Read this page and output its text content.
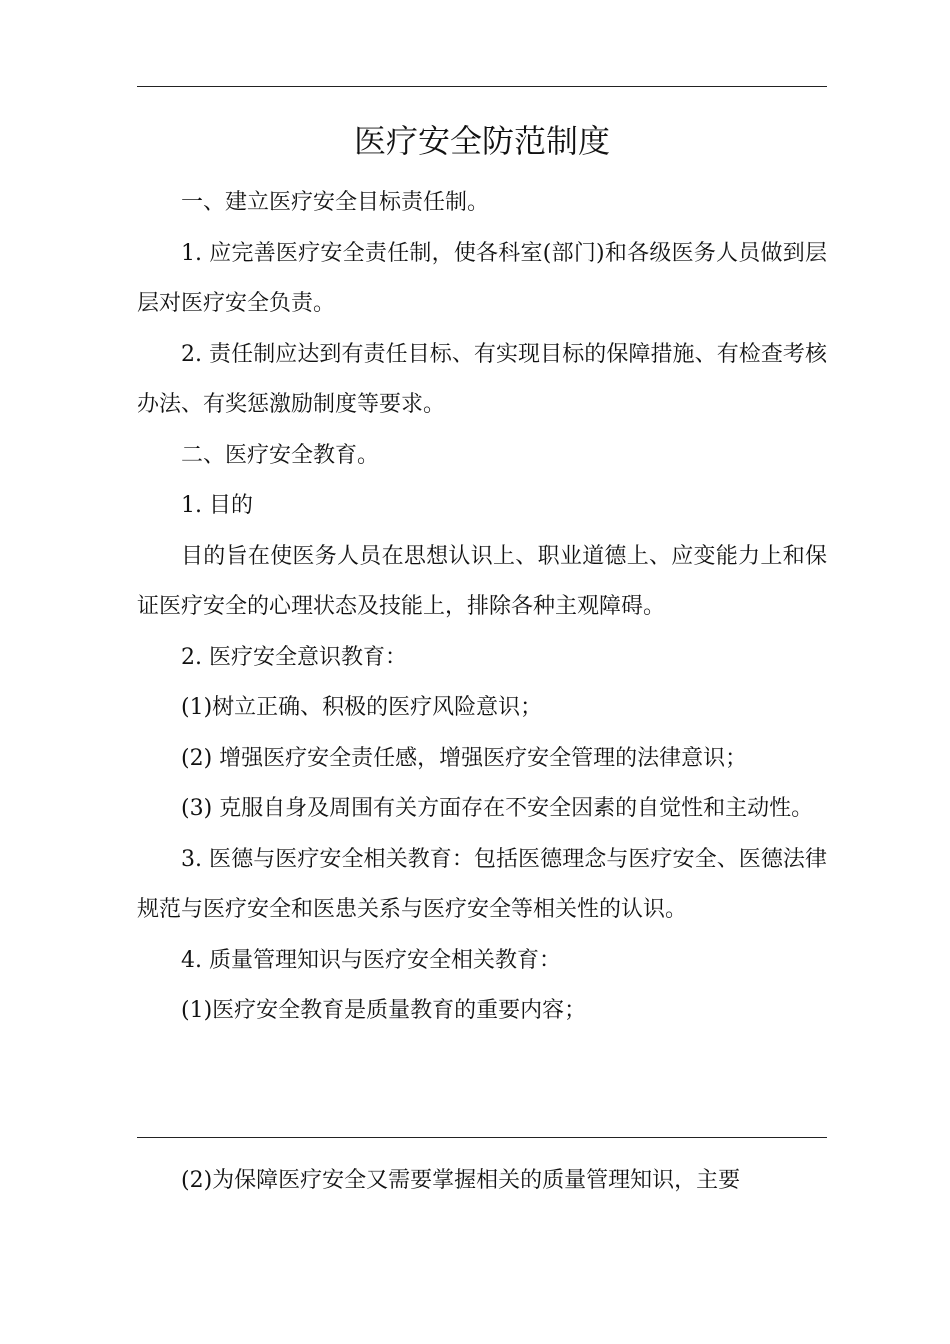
医疗安全防范制度

一、建立医疗安全目标责任制。

1. 应完善医疗安全责任制，使各科室(部门)和各级医务人员做到层层对医疗安全负责。

2. 责任制应达到有责任目标、有实现目标的保障措施、有检查考核办法、有奖惩激励制度等要求。

二、医疗安全教育。

1. 目的

目的旨在使医务人员在思想认识上、职业道德上、应变能力上和保证医疗安全的心理状态及技能上，排除各种主观障碍。

2. 医疗安全意识教育：

(1)树立正确、积极的医疗风险意识；

(2) 增强医疗安全责任感，增强医疗安全管理的法律意识；

(3) 克服自身及周围有关方面存在不安全因素的自觉性和主动性。

3. 医德与医疗安全相关教育：包括医德理念与医疗安全、医德法律规范与医疗安全和医患关系与医疗安全等相关性的认识。

4. 质量管理知识与医疗安全相关教育：

(1)医疗安全教育是质量教育的重要内容；

(2)为保障医疗安全又需要掌握相关的质量管理知识，主要
